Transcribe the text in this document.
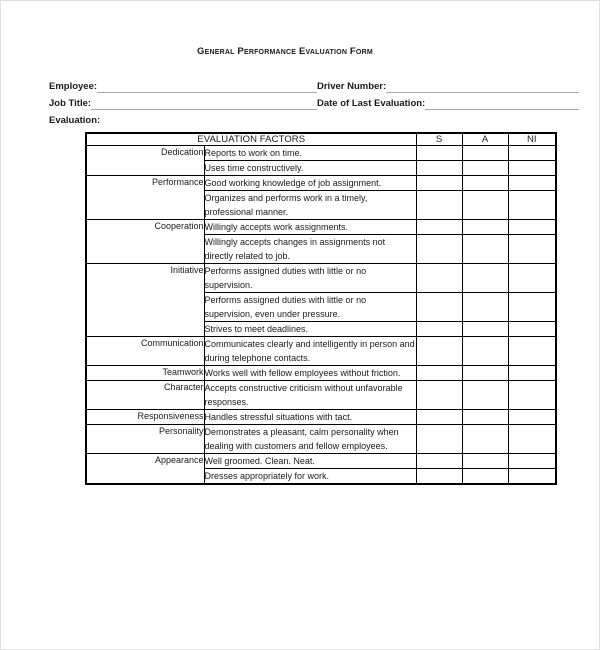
General Performance Evaluation Form
Employee:	Driver Number:
Job Title:	Date of Last Evaluation:
Evaluation:
EVALUATION FACTORS		S	A	NI
Dedication	Reports to work on time.			
	Uses time constructively.			
Performance	Good working knowledge of job assignment.			
	Organizes and performs work in a timely, professional manner.			
Cooperation	Willingly accepts work assignments.			
	Willingly accepts changes in assignments not directly related to job.			
Initiative	Performs assigned duties with little or no supervision.			
	Performs assigned duties with little or no supervision, even under pressure.			
	Strives to meet deadlines.			
Communication	Communicates clearly and intelligently in person and during telephone contacts.			
Teamwork	Works well with fellow employees without friction.			
Character	Accepts constructive criticism without unfavorable responses.			
Responsiveness	Handles stressful situations with tact.			
Personality	Demonstrates a pleasant, calm personality when dealing with customers and fellow employees.			
Appearance	Well groomed. Clean. Neat.			
	Dresses appropriately for work.			
